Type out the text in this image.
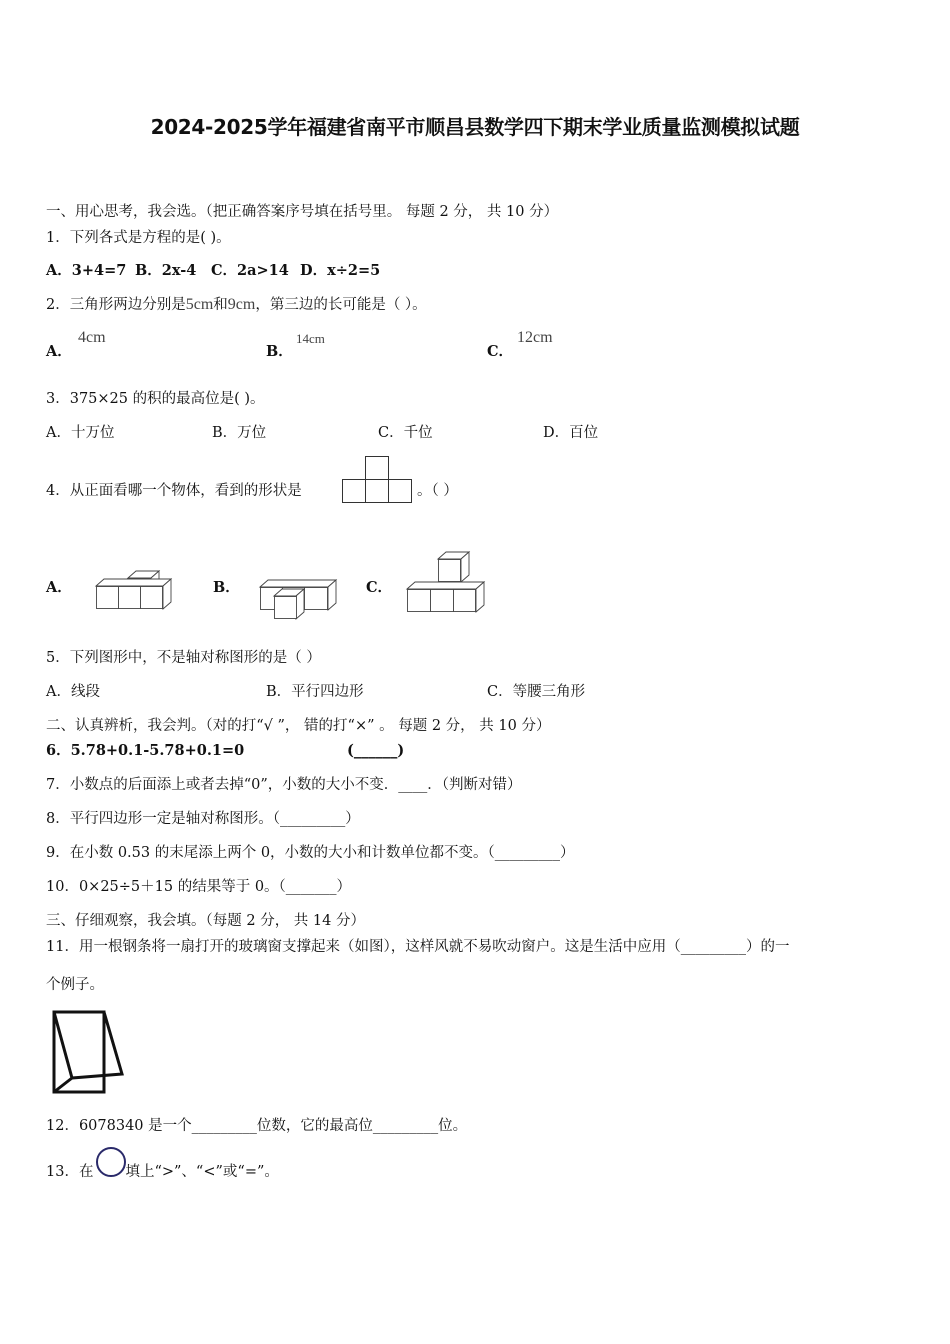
2024-2025学年福建省南平市顺昌县数学四下期末学业质量监测模拟试题
一、用心思考，我会选。（把正确答案序号填在括号里。 每题 2 分， 共 10 分）
1．下列各式是方程的是( )。
A．3+4=7 B．2x-4 C．2a>14 D．x÷2=5
2．三角形两边分别是5cm和9cm，第三边的长可能是（ ）。
A．
4cm
B．
14cm
C．
12cm
3．375×25 的积的最高位是( )。
A．十万位	B．万位	C．千位	D．百位
4．从正面看哪一个物体，看到的形状是	。（ ）
A．	B．	C．
5．下列图形中，不是轴对称图形的是（ ）
A．线段	B．平行四边形	C．等腰三角形
二、认真辨析，我会判。（对的打“√ ”， 错的打“×” 。 每题 2 分， 共 10 分）
6．5.78+0.1-5.78+0.1=0	(______)
7．小数点的后面添上或者去掉“0”，小数的大小不变．____．（判断对错）
8．平行四边形一定是轴对称图形。（_________）
9．在小数 0.53 的末尾添上两个 0，小数的大小和计数单位都不变。（_________）
10．0×25÷5＋15 的结果等于 0。（_______）
三、仔细观察，我会填。（每题 2 分， 共 14 分）
11．用一根钢条将一扇打开的玻璃窗支撑起来（如图），这样风就不易吹动窗户。这是生活中应用（_________）的一
个例子。
12．6078340 是一个_________位数，它的最高位_________位。
13．在 填上“>”、“<”或“=”。
